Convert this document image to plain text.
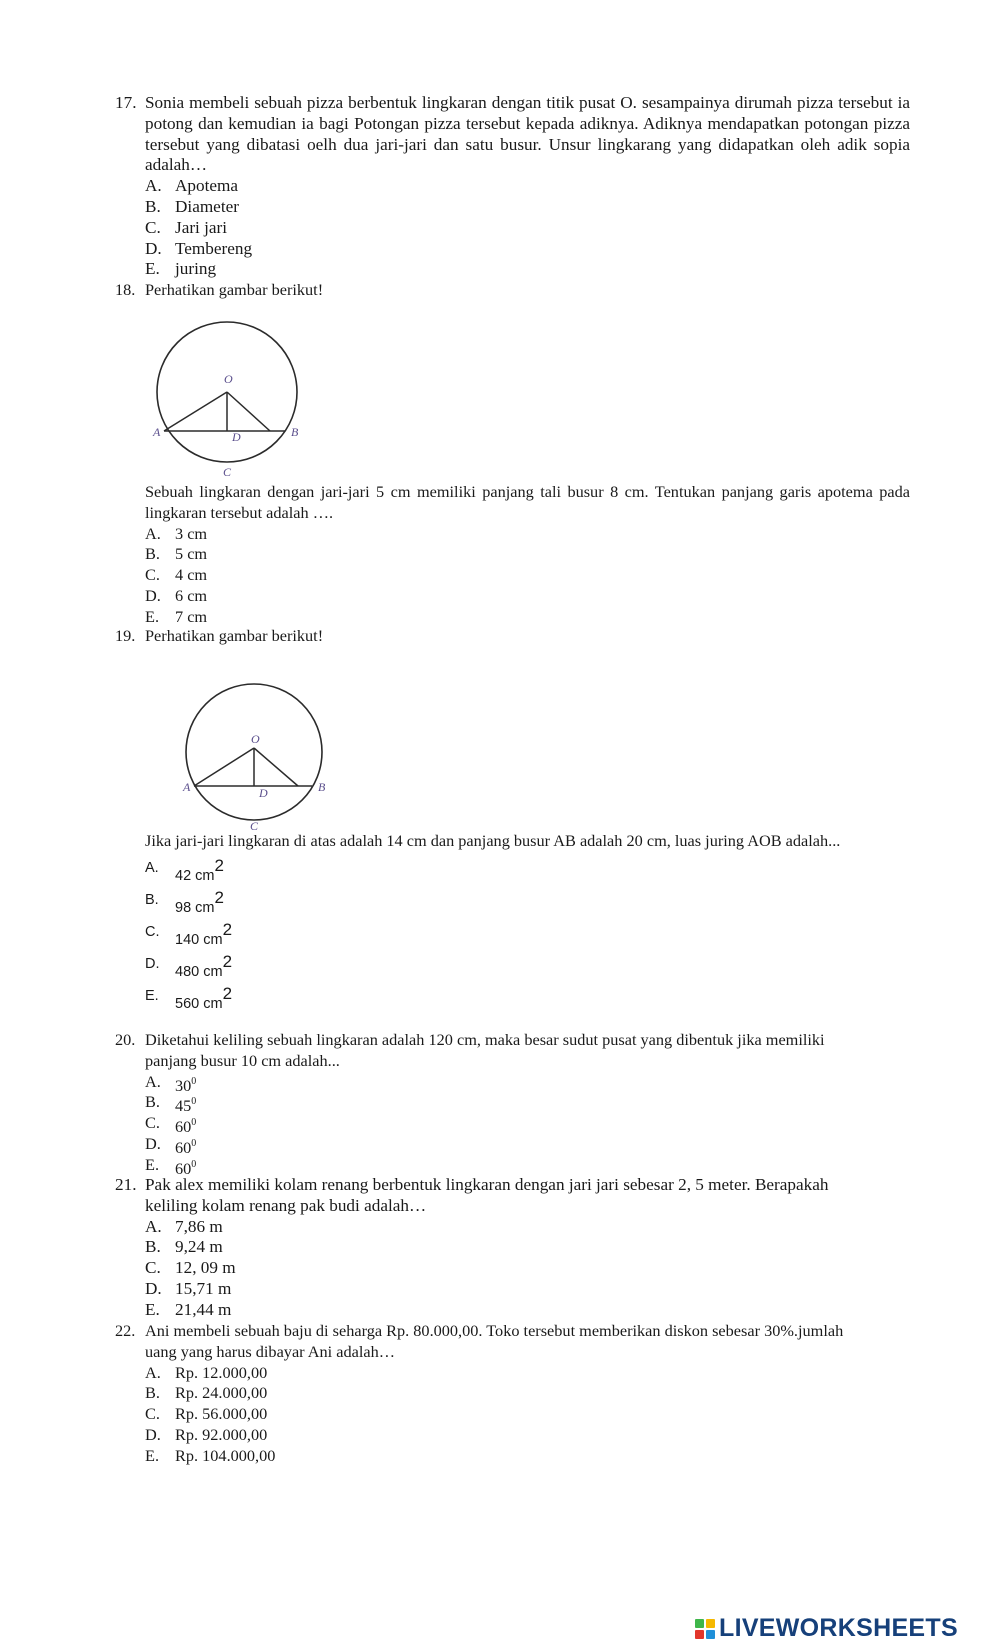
17. Sonia membeli sebuah pizza berbentuk lingkaran dengan titik pusat O. sesampainya dirumah pizza tersebut ia potong dan kemudian ia bagi Potongan pizza tersebut kepada adiknya. Adiknya mendapatkan potongan pizza tersebut yang dibatasi oelh dua jari-jari dan satu busur. Unsur lingkarang yang didapatkan oleh adik sopia adalah…
A. Apotema
B. Diameter
C. Jari jari
D. Tembereng
E. juring
18. Perhatikan gambar berikut!
O
A	D	B
C
Sebuah lingkaran dengan jari-jari 5 cm memiliki panjang tali busur 8 cm. Tentukan panjang garis apotema pada lingkaran tersebut adalah ….
A. 3 cm
B. 5 cm
C. 4 cm
D. 6 cm
E. 7 cm
19. Perhatikan gambar berikut!
O
A	D	B
C
Jika jari-jari lingkaran di atas adalah 14 cm dan panjang busur AB adalah 20 cm, luas juring AOB adalah...
A. 42 $cm^2$
B. 98 $cm^2$
C. 140 $cm^2$
D. 480 $cm^2$
E. 560 $cm^2$
20. Diketahui keliling sebuah lingkaran adalah 120 cm, maka besar sudut pusat yang dibentuk jika memiliki panjang busur 10 cm adalah...
A. $30^0$
B. $45^0$
C. $60^0$
D. $60^0$
E. $60^0$
21. Pak alex memiliki kolam renang berbentuk lingkaran dengan jari jari sebesar 2, 5 meter. Berapakah keliling kolam renang pak budi adalah…
A. 7,86 m
B. 9,24 m
C. 12, 09 m
D. 15,71 m
E. 21,44 m
22. Ani membeli sebuah baju di seharga Rp. 80.000,00. Toko tersebut memberikan diskon sebesar 30%.jumlah uang yang harus dibayar Ani adalah…
A. Rp. 12.000,00
B. Rp. 24.000,00
C. Rp. 56.000,00
D. Rp. 92.000,00
E. Rp. 104.000,00
LIVEWORKSHEETS
